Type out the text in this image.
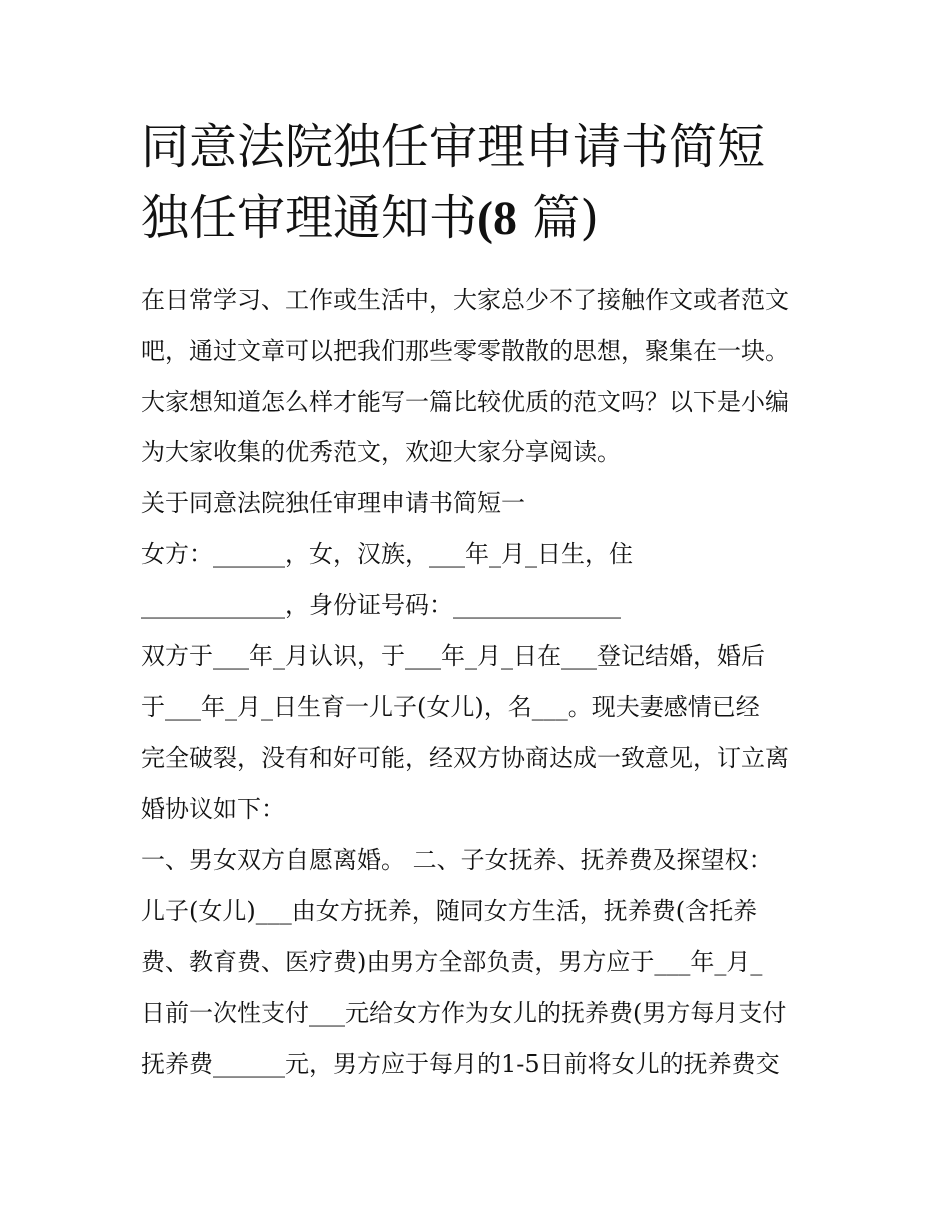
同意法院独任审理申请书简短
独任审理通知书(8 篇)

在日常学习、工作或生活中，大家总少不了接触作文或者范文

吧，通过文章可以把我们那些零零散散的思想，聚集在一块。

大家想知道怎么样才能写一篇比较优质的范文吗？以下是小编

为大家收集的优秀范文，欢迎大家分享阅读。

关于同意法院独任审理申请书简短一

女方：______，女，汉族，___年_月_日生，住

____________，身份证号码：______________

双方于___年_月认识，于___年_月_日在___登记结婚，婚后

于___年_月_日生育一儿子(女儿)，名___。现夫妻感情已经

完全破裂，没有和好可能，经双方协商达成一致意见，订立离

婚协议如下：

一、男女双方自愿离婚。 二、子女抚养、抚养费及探望权：

儿子(女儿)___由女方抚养，随同女方生活，抚养费(含托养

费、教育费、医疗费)由男方全部负责，男方应于___年_月_

日前一次性支付___元给女方作为女儿的抚养费(男方每月支付

抚养费______元，男方应于每月的1-5日前将女儿的抚养费交
